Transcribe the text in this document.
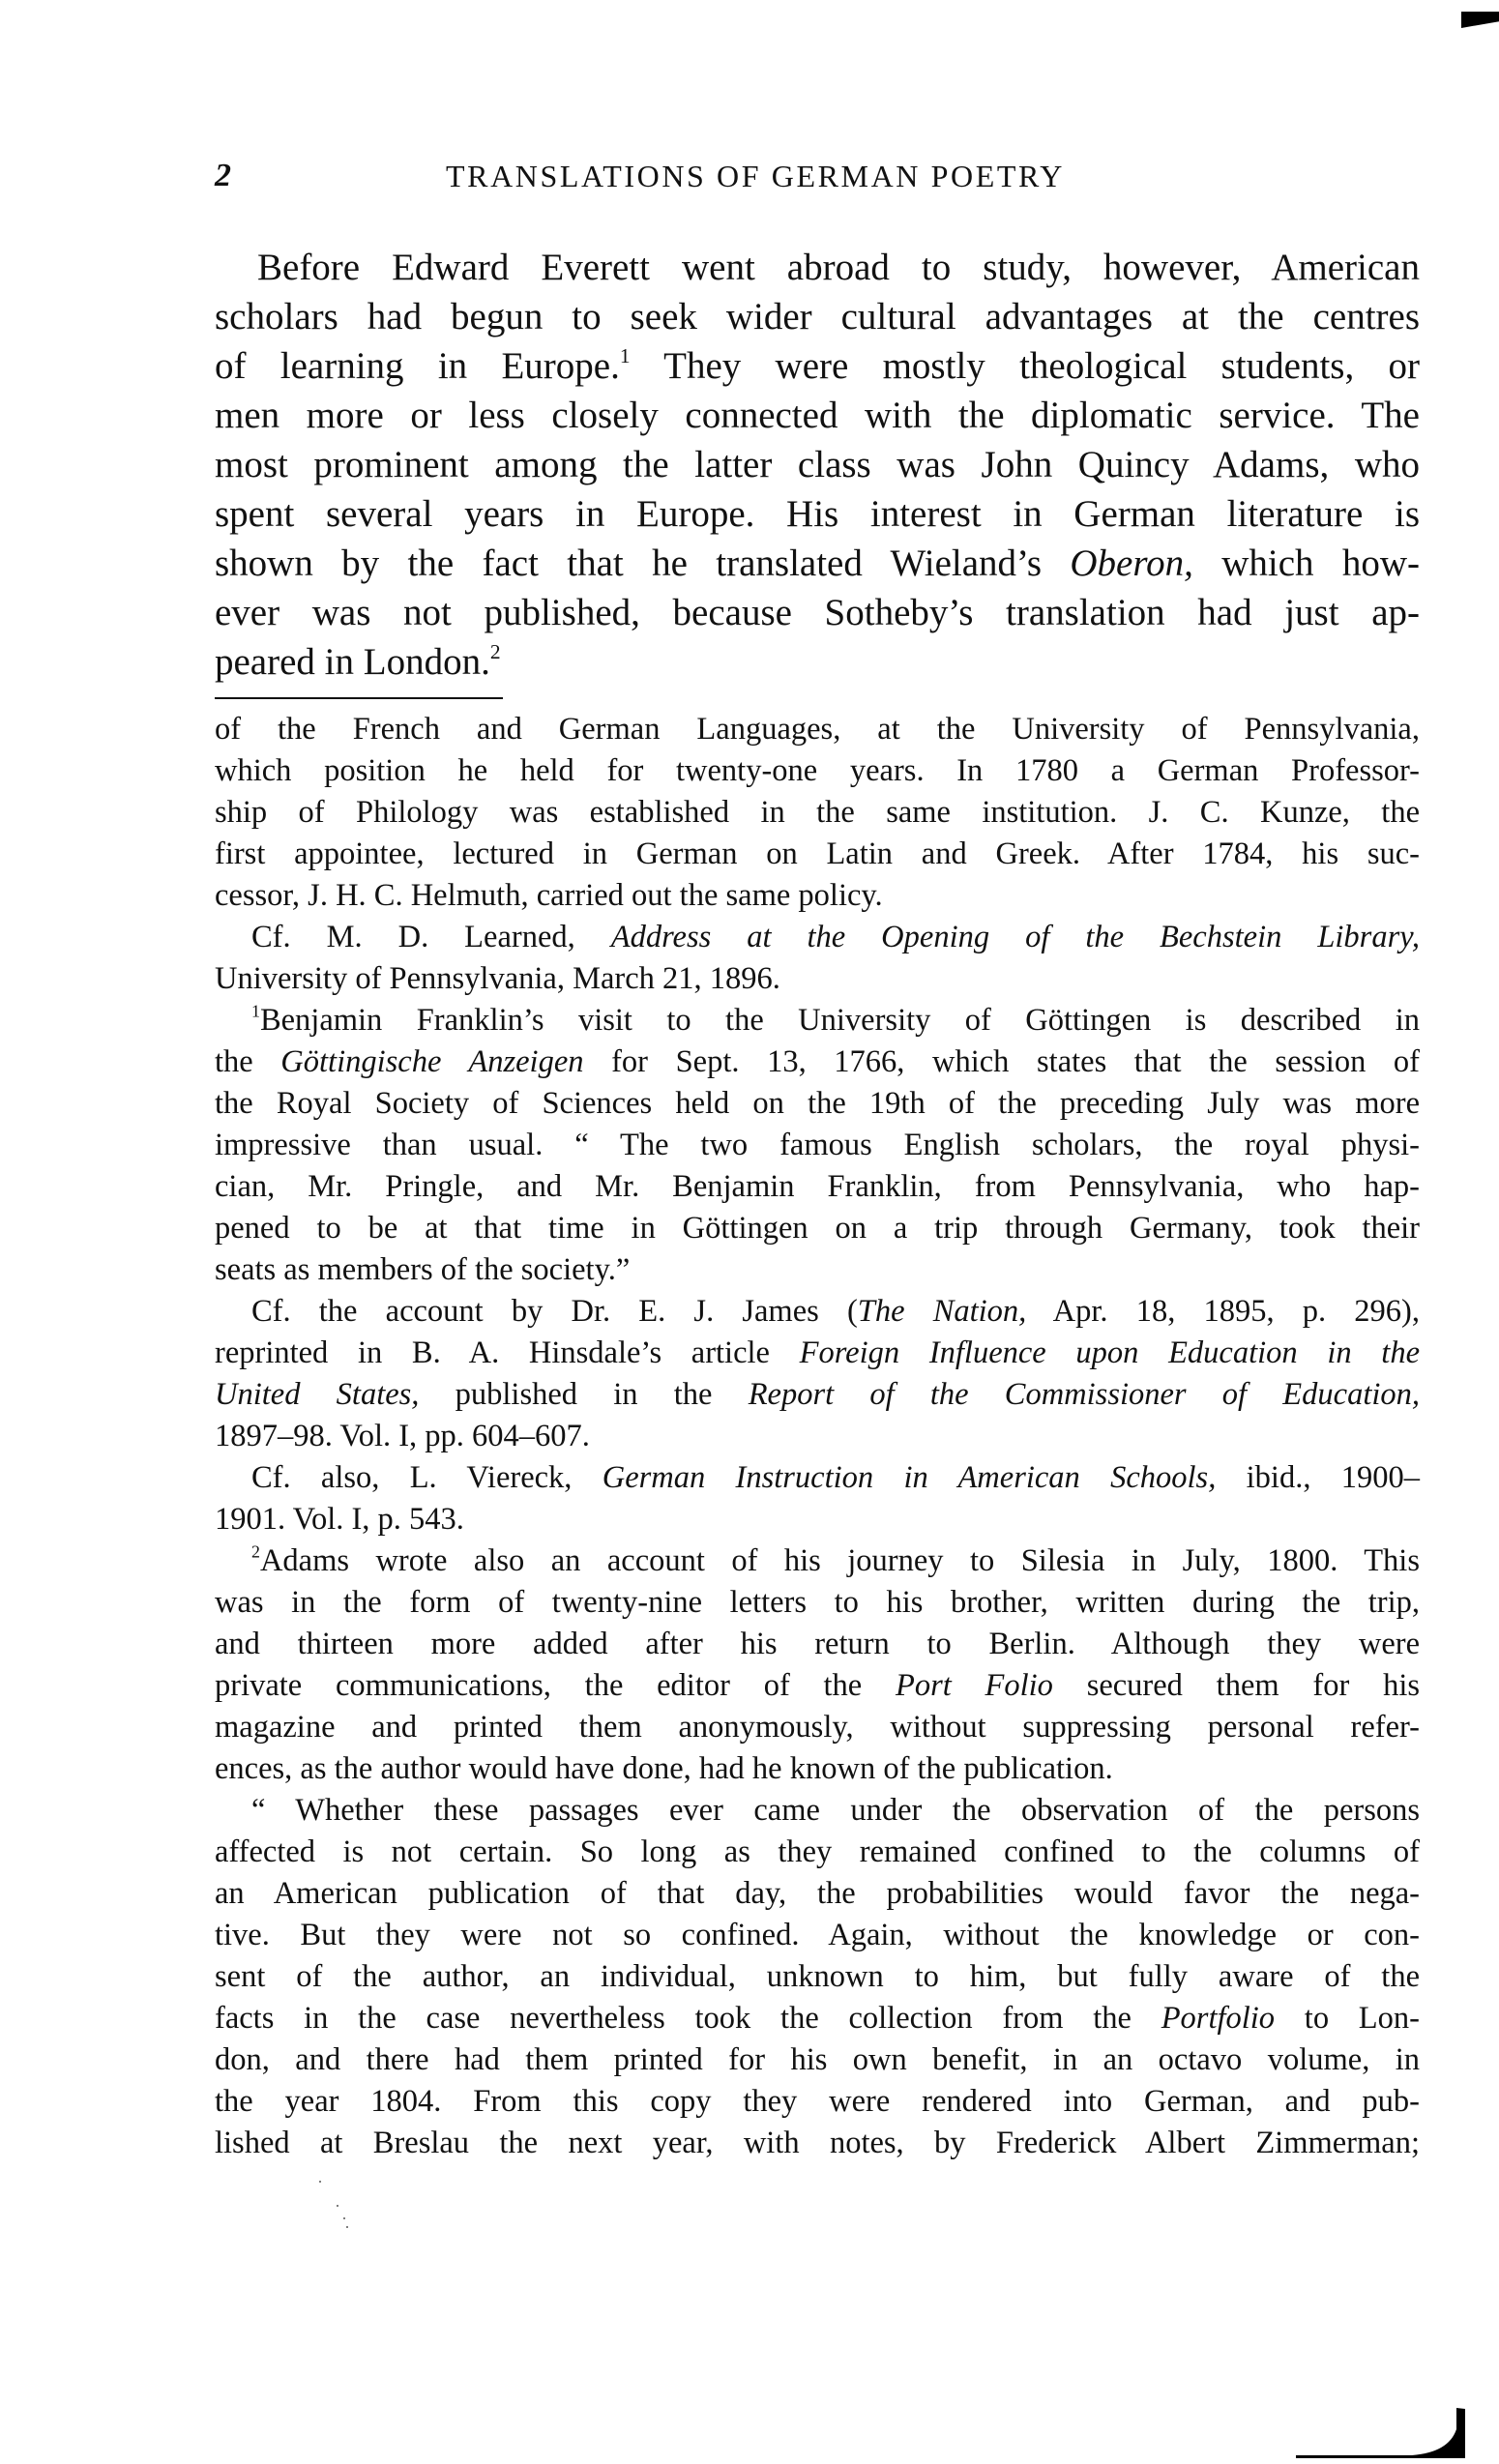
2	TRANSLATIONS OF GERMAN POETRY
Before Edward Everett went abroad to study, however, American
scholars had begun to seek wider cultural advantages at the centres
of learning in Europe.$^1$ They were mostly theological students, or
men more or less closely connected with the diplomatic service. The
most prominent among the latter class was John Quincy Adams, who
spent several years in Europe. His interest in German literature is
shown by the fact that he translated Wieland’s Oberon, which how-
ever was not published, because Sotheby’s translation had just ap-
peared in London.$^2$
of the French and German Languages, at the University of Pennsylvania,
which position he held for twenty-one years. In 1780 a German Professor-
ship of Philology was established in the same institution. J. C. Kunze, the
first appointee, lectured in German on Latin and Greek. After 1784, his suc-
cessor, J. H. C. Helmuth, carried out the same policy.
Cf. M. D. Learned, Address at the Opening of the Bechstein Library,
University of Pennsylvania, March 21, 1896.
$^1$Benjamin Franklin’s visit to the University of Göttingen is described in
the Göttingische Anzeigen for Sept. 13, 1766, which states that the session of
the Royal Society of Sciences held on the 19th of the preceding July was more
impressive than usual. “ The two famous English scholars, the royal physi-
cian, Mr. Pringle, and Mr. Benjamin Franklin, from Pennsylvania, who hap-
pened to be at that time in Göttingen on a trip through Germany, took their
seats as members of the society.”
Cf. the account by Dr. E. J. James (The Nation, Apr. 18, 1895, p. 296),
reprinted in B. A. Hinsdale’s article Foreign Influence upon Education in the
United States, published in the Report of the Commissioner of Education,
1897–98. Vol. I, pp. 604–607.
Cf. also, L. Viereck, German Instruction in American Schools, ibid., 1900–
1901. Vol. I, p. 543.
$^2$Adams wrote also an account of his journey to Silesia in July, 1800. This
was in the form of twenty-nine letters to his brother, written during the trip,
and thirteen more added after his return to Berlin. Although they were
private communications, the editor of the Port Folio secured them for his
magazine and printed them anonymously, without suppressing personal refer-
ences, as the author would have done, had he known of the publication.
“ Whether these passages ever came under the observation of the persons
affected is not certain. So long as they remained confined to the columns of
an American publication of that day, the probabilities would favor the nega-
tive. But they were not so confined. Again, without the knowledge or con-
sent of the author, an individual, unknown to him, but fully aware of the
facts in the case nevertheless took the collection from the Portfolio to Lon-
don, and there had them printed for his own benefit, in an octavo volume, in
the year 1804. From this copy they were rendered into German, and pub-
lished at Breslau the next year, with notes, by Frederick Albert Zimmerman;
